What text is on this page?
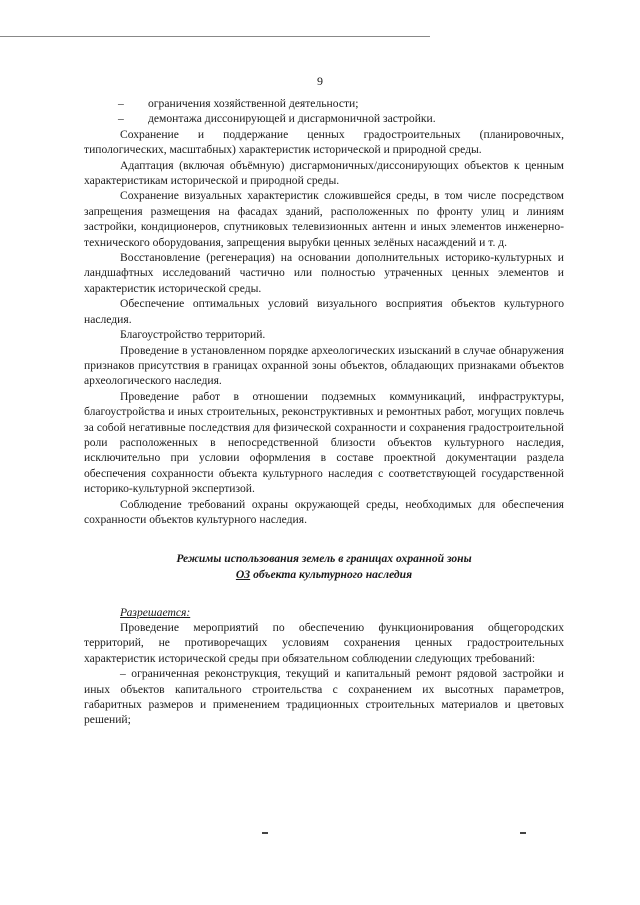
9

–	ограничения хозяйственной деятельности;

–	демонтажа диссонирующей и дисгармоничной застройки.

Сохранение и поддержание ценных градостроительных (планировочных, типологических, масштабных) характеристик исторической и природной среды.

Адаптация (включая объёмную) дисгармоничных/диссонирующих объектов к ценным характеристикам исторической и природной среды.

Сохранение визуальных характеристик сложившейся среды, в том числе посредством запрещения размещения на фасадах зданий, расположенных по фронту улиц и линиям застройки, кондиционеров, спутниковых телевизионных антенн и иных элементов инженерно-технического оборудования, запрещения вырубки ценных зелёных насаждений и т. д.

Восстановление (регенерация) на основании дополнительных историко-культурных и ландшафтных исследований частично или полностью утраченных ценных элементов и характеристик исторической среды.

Обеспечение оптимальных условий визуального восприятия объектов культурного наследия.

Благоустройство территорий.

Проведение в установленном порядке археологических изысканий в случае обнаружения признаков присутствия в границах охранной зоны объектов, обладающих признаками объектов археологического наследия.

Проведение работ в отношении подземных коммуникаций, инфраструктуры, благоустройства и иных строительных, реконструктивных и ремонтных работ, могущих повлечь за собой негативные последствия для физической сохранности и сохранения градостроительной роли расположенных в непосредственной близости объектов культурного наследия, исключительно при условии оформления в составе проектной документации раздела обеспечения сохранности объекта культурного наследия с соответствующей государственной историко-культурной экспертизой.

Соблюдение требований охраны окружающей среды, необходимых для обеспечения сохранности объектов культурного наследия.

Режимы использования земель в границах охранной зоны
ОЗ объекта культурного наследия
Разрешается:

Проведение мероприятий по обеспечению функционирования общегородских территорий, не противоречащих условиям сохранения ценных градостроительных характеристик исторической среды при обязательном соблюдении следующих требований:

– ограниченная реконструкция, текущий и капитальный ремонт рядовой застройки и иных объектов капитального строительства с сохранением их высотных параметров, габаритных размеров и применением традиционных строительных материалов и цветовых решений;
